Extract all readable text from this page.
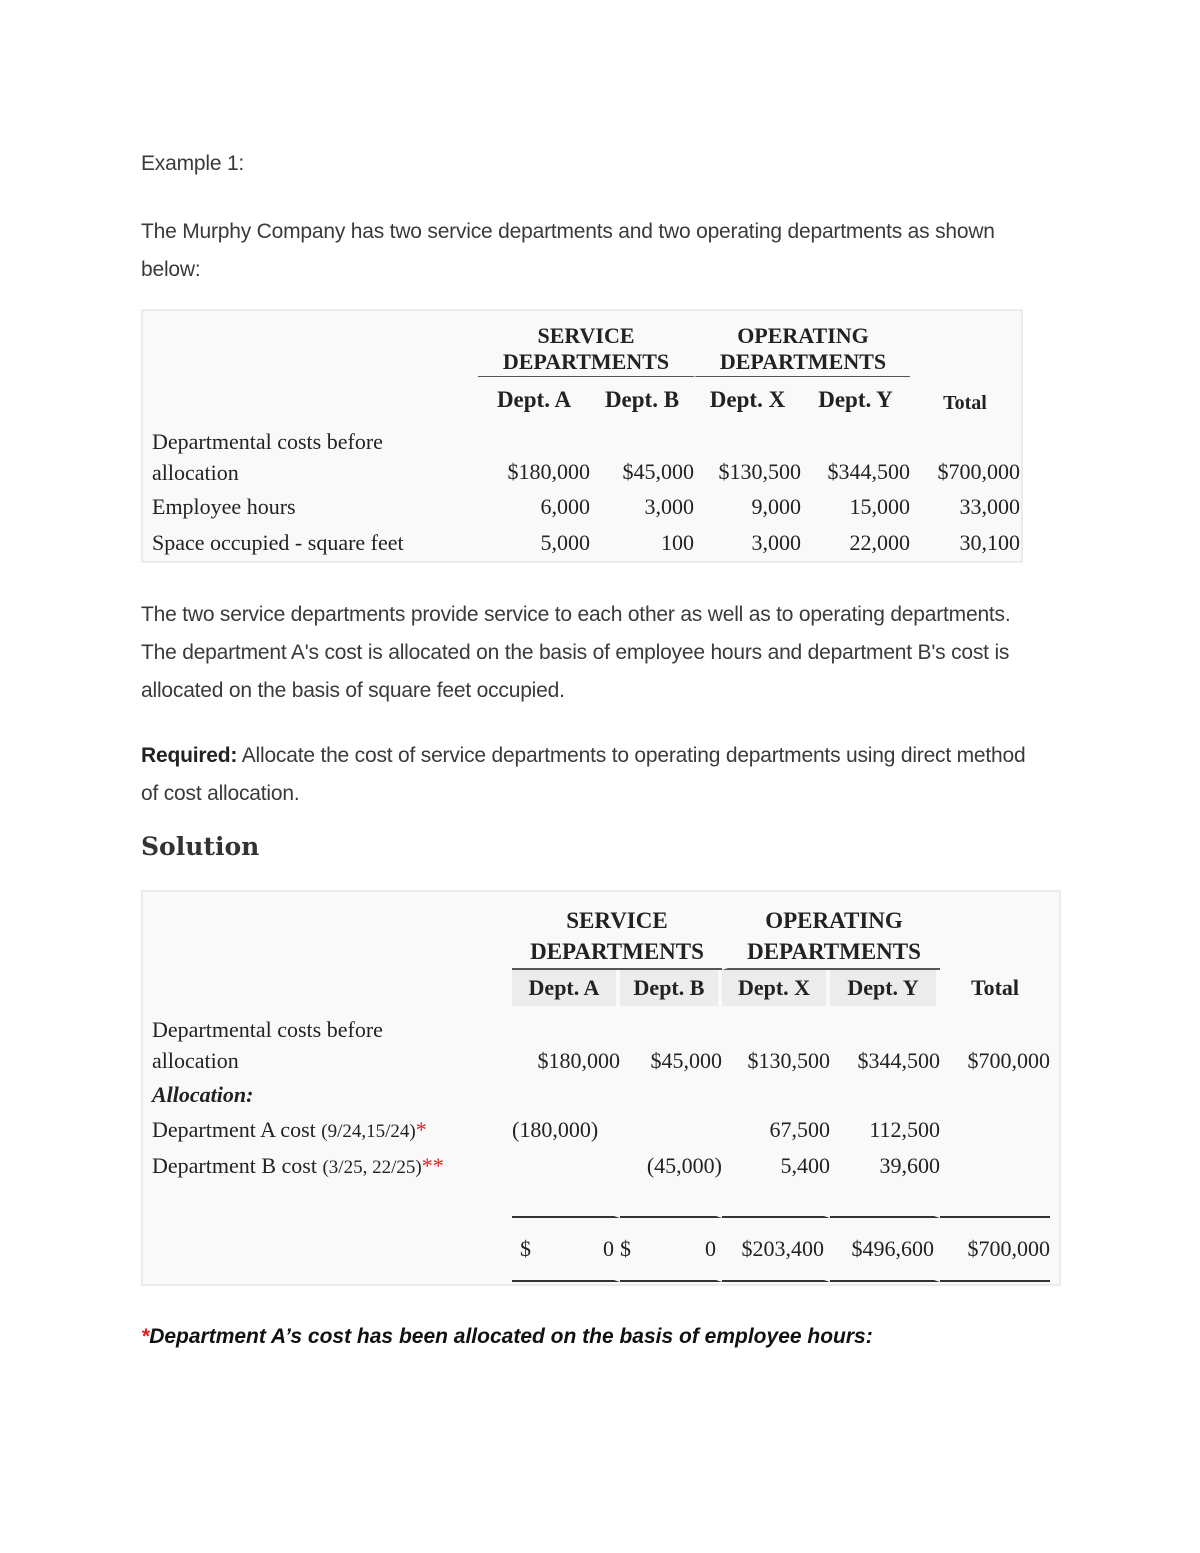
Example 1:
The Murphy Company has two service departments and two operating departments as shown below:

	SERVICE DEPARTMENTS		OPERATING DEPARTMENTS		

	Dept. A	Dept. B	Dept. X	Dept. Y	Total

Departmental costs before allocation	$180,000	$45,000	$130,500	$344,500	$700,000
Employee hours	6,000	3,000	9,000	15,000	33,000
Space occupied - square feet	5,000	100	3,000	22,000	30,100
The two service departments provide service to each other as well as to operating departments. The department A's cost is allocated on the basis of employee hours and department B's cost is allocated on the basis of square feet occupied.
Required: Allocate the cost of service departments to operating departments using direct method of cost allocation.
Solution

	SERVICE DEPARTMENTS		OPERATING DEPARTMENTS		

	Dept. A	Dept. B	Dept. X	Dept. Y	Total

Departmental costs before allocation	$180,000	$45,000	$130,500	$344,500	$700,000
Allocation:					
Department A cost (9/24,15/24)*	(180,000)		67,500	112,500	
Department B cost (3/25, 22/25)**		(45,000)	5,400	39,600	

	$ 0	$ 0	$203,400	$496,600	$700,000
*Department A’s cost has been allocated on the basis of employee hours:
